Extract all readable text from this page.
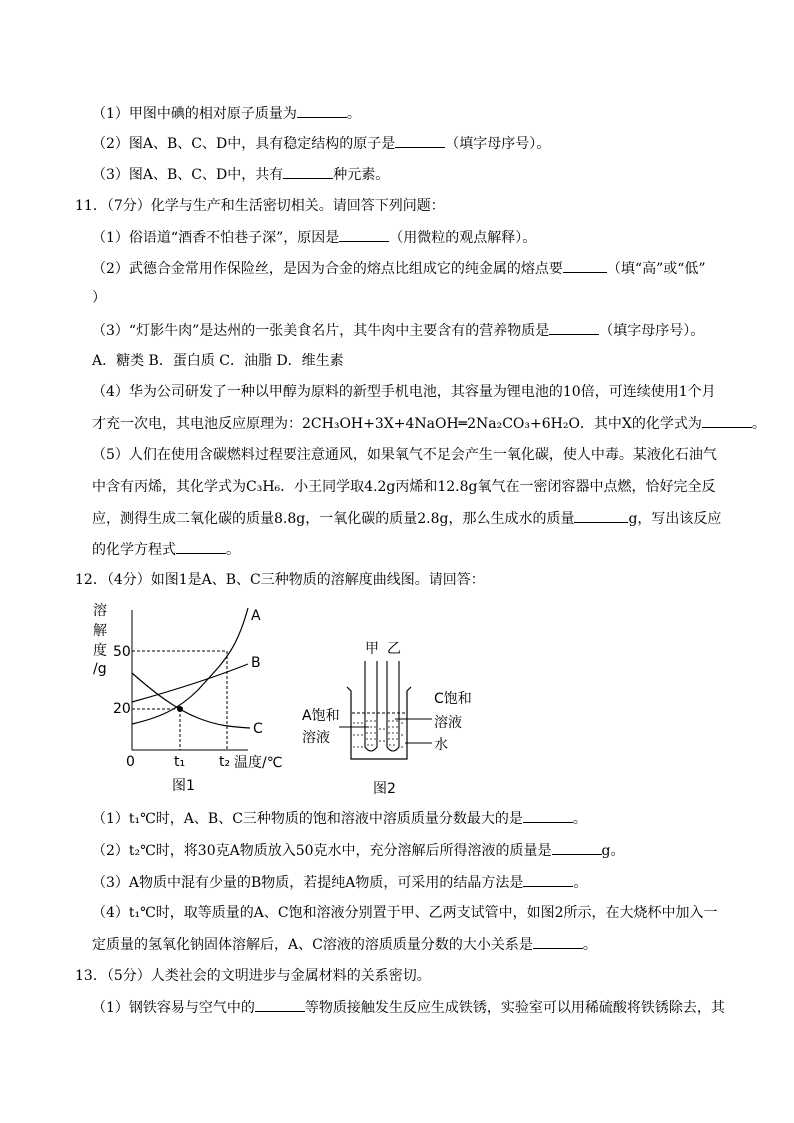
（1）甲图中碘的相对原子质量为	。
（2）图A、B、C、D中，具有稳定结构的原子是	（填字母序号）。
（3）图A、B、C、D中，共有	种元素。
11．（7分）化学与生产和生活密切相关。请回答下列问题：
（1）俗语道“酒香不怕巷子深”，原因是	（用微粒的观点解释）。
（2）武德合金常用作保险丝，是因为合金的熔点比组成它的纯金属的熔点要	（填“高”或“低”
）
（3）“灯影牛肉”是达州的一张美食名片，其牛肉中主要含有的营养物质是	（填字母序号）。
A．糖类 B．蛋白质 C．油脂 D．维生素
（4）华为公司研发了一种以甲醇为原料的新型手机电池，其容量为锂电池的10倍，可连续使用1个月
才充一次电，其电池反应原理为：2CH₃OH+3X+4NaOH═2Na₂CO₃+6H₂O．其中X的化学式为	。
（5）人们在使用含碳燃料过程要注意通风，如果氧气不足会产生一氧化碳，使人中毒。某液化石油气
中含有丙烯，其化学式为C₃H₆．小王同学取4.2g丙烯和12.8g氧气在一密闭容器中点燃，恰好完全反
应，测得生成二氧化碳的质量8.8g，一氧化碳的质量2.8g，那么生成水的质量	g，写出该反应
的化学方程式	。
12．（4分）如图1是A、B、C三种物质的溶解度曲线图。请回答：
溶
解
度
/g
50
20
0	t₁ t₂ 温度/℃
A
B
C
图1
甲 乙
A饱和
溶液
C饱和
溶液
水
图2
（1）t₁℃时，A、B、C三种物质的饱和溶液中溶质质量分数最大的是	。
（2）t₂℃时，将30克A物质放入50克水中，充分溶解后所得溶液的质量是	g。
（3）A物质中混有少量的B物质，若提纯A物质，可采用的结晶方法是	。
（4）t₁℃时，取等质量的A、C饱和溶液分别置于甲、乙两支试管中，如图2所示，在大烧杯中加入一
定质量的氢氧化钠固体溶解后，A、C溶液的溶质质量分数的大小关系是	。
13．（5分）人类社会的文明进步与金属材料的关系密切。
（1）钢铁容易与空气中的	等物质接触发生反应生成铁锈，实验室可以用稀硫酸将铁锈除去，其
